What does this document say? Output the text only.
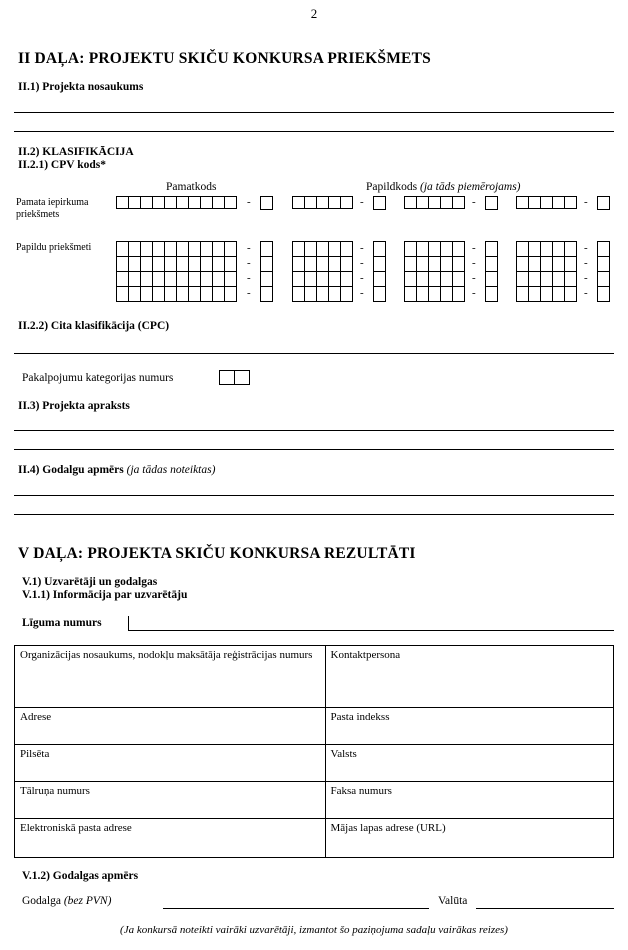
2
II DAĻA: PROJEKTU SKIČU KONKURSA PRIEKŠMETS
II.1) Projekta nosaukums
II.2) KLASIFIKĀCIJA
II.2.1) CPV kods*
Pamatkods	Papildkods (ja tāds piemērojams)
Pamata iepirkuma priekšmets
Papildu priekšmeti
-	-	-	-
-	-	-	-
-	-	-	-
-	-	-	-
-	-	-	-
II.2.2) Cita klasifikācija (CPC)
Pakalpojumu kategorijas numurs
II.3) Projekta apraksts
II.4) Godalgu apmērs (ja tādas noteiktas)
V DAĻA: PROJEKTA SKIČU KONKURSA REZULTĀTI
V.1) Uzvarētāji un godalgas
V.1.1) Informācija par uzvarētāju
Līguma numurs
Organizācijas nosaukums, nodokļu maksātāja reģistrācijas numurs	Kontaktpersona
Adrese	Pasta indekss
Pilsēta	Valsts
Tālruņa numurs	Faksa numurs
Elektroniskā pasta adrese	Mājas lapas adrese (URL)
V.1.2) Godalgas apmērs
Godalga (bez PVN)	Valūta
(Ja konkursā noteikti vairāki uzvarētāji, izmantot šo paziņojuma sadaļu vairākas reizes)
